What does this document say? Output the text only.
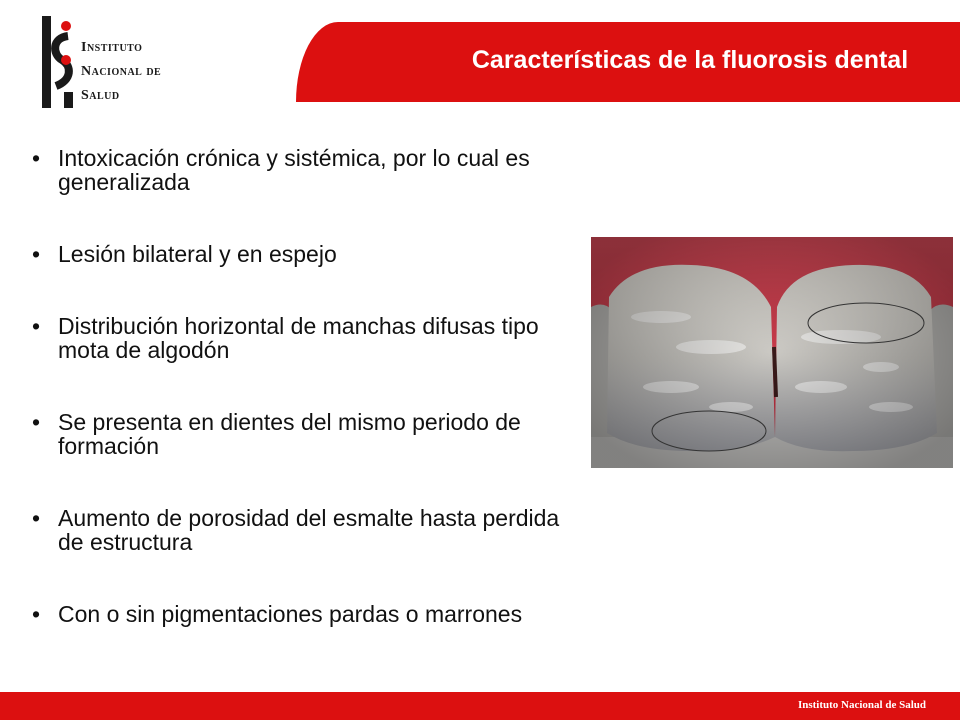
Instituto
Nacional de
Salud
Características de la fluorosis dental
• Intoxicación crónica y sistémica, por lo cual es generalizada
• Lesión bilateral y en espejo
• Distribución horizontal de manchas difusas tipo mota de algodón
• Se presenta en dientes del mismo periodo de formación
• Aumento de porosidad del esmalte hasta perdida de estructura
• Con o sin pigmentaciones pardas o marrones
Instituto Nacional de Salud
